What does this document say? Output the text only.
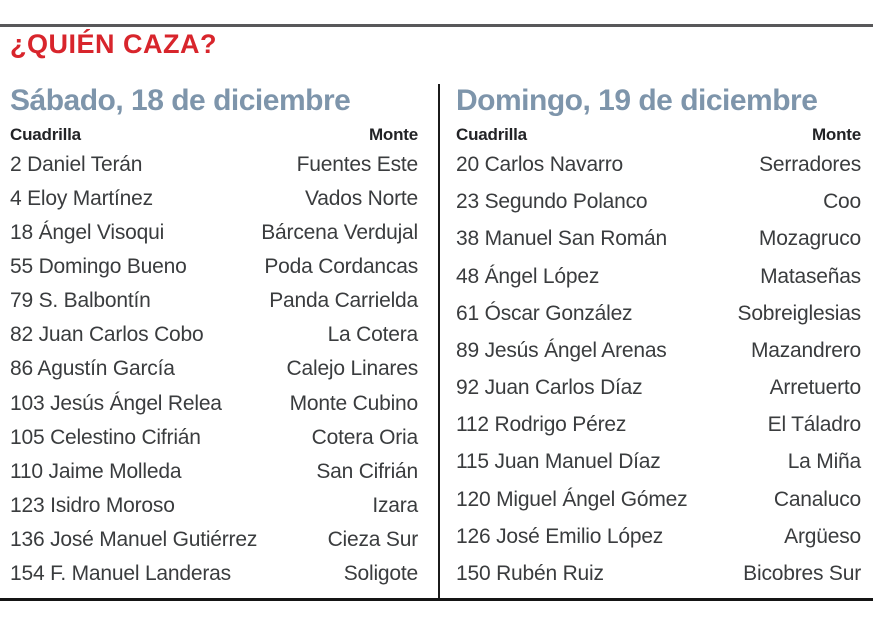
¿QUIÉN CAZA?
Sábado, 18 de diciembre
Cuadrilla	Monte
2 Daniel Terán	Fuentes Este
4 Eloy Martínez	Vados Norte
18 Ángel Visoqui	Bárcena Verdujal
55 Domingo Bueno	Poda Cordancas
79 S. Balbontín	Panda Carrielda
82 Juan Carlos Cobo	La Cotera
86 Agustín García	Calejo Linares
103 Jesús Ángel Relea	Monte Cubino
105 Celestino Cifrián	Cotera Oria
110 Jaime Molleda	San Cifrián
123 Isidro Moroso	Izara
136 José Manuel Gutiérrez	Cieza Sur
154 F. Manuel Landeras	Soligote
Domingo, 19 de diciembre
Cuadrilla	Monte
20 Carlos Navarro	Serradores
23 Segundo Polanco	Coo
38 Manuel San Román	Mozagruco
48 Ángel López	Mataseñas
61 Óscar González	Sobreiglesias
89 Jesús Ángel Arenas	Mazandrero
92 Juan Carlos Díaz	Arretuerto
112 Rodrigo Pérez	El Táladro
115 Juan Manuel Díaz	La Miña
120 Miguel Ángel Gómez	Canaluco
126 José Emilio López	Argüeso
150 Rubén Ruiz	Bicobres Sur
